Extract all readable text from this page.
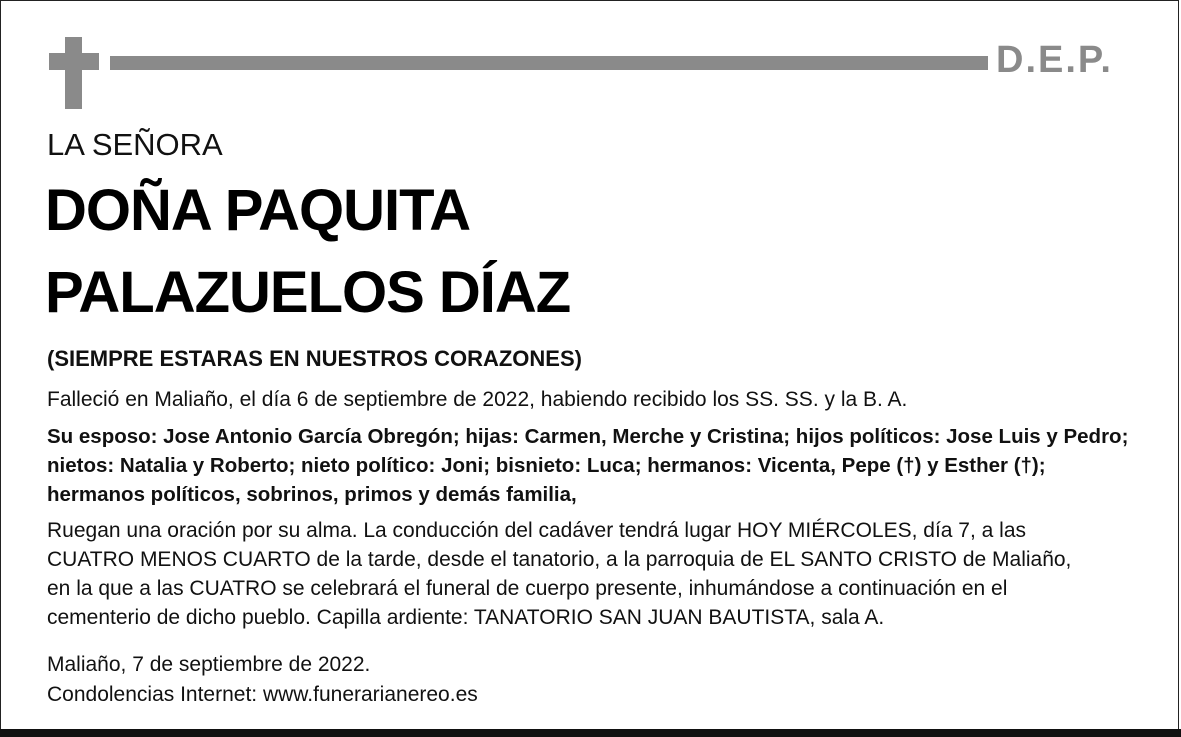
D.E.P.
LA SEÑORA
DOÑA PAQUITA
PALAZUELOS DÍAZ
(SIEMPRE ESTARAS EN NUESTROS CORAZONES)
Falleció en Maliaño, el día 6 de septiembre de 2022, habiendo recibido los SS. SS. y la B. A.
Su esposo: Jose Antonio García Obregón; hijas: Carmen, Merche y Cristina; hijos políticos: Jose Luis y Pedro;
nietos: Natalia y Roberto; nieto político: Joni; bisnieto: Luca; hermanos: Vicenta, Pepe (†) y Esther (†);
hermanos políticos, sobrinos, primos y demás familia,
Ruegan una oración por su alma. La conducción del cadáver tendrá lugar HOY MIÉRCOLES, día 7, a las
CUATRO MENOS CUARTO de la tarde, desde el tanatorio, a la parroquia de EL SANTO CRISTO de Maliaño,
en la que a las CUATRO se celebrará el funeral de cuerpo presente, inhumándose a continuación en el
cementerio de dicho pueblo. Capilla ardiente: TANATORIO SAN JUAN BAUTISTA, sala A.
Maliaño, 7 de septiembre de 2022.
Condolencias Internet: www.funerarianereo.es
